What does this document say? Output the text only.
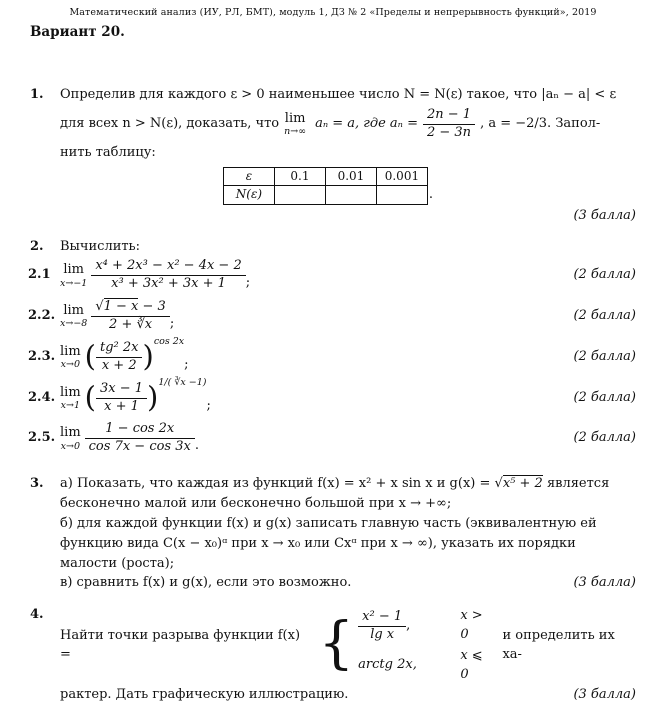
Математический анализ (ИУ, РЛ, БМТ), модуль 1, ДЗ № 2 «Пределы и непрерывность функций», 2019
Вариант 20.
1.	Определив для каждого ε > 0 наименьшее число N = N(ε) такое, что |aₙ − a| < ε
для всех n > N(ε), доказать, что lim
n→∞
aₙ = a, где $a_n = \frac{2n - 1}{2 - 3n}$ , a = −2/3. Запол-
нить таблицу:
ε	0.1	0.01	0.001
N(ε)				.
(3 балла)
2.	Вычислить:
2.1 lim
$x\to-1 \frac{\text{x⁴ + 2x³ − x² − 4x − 2}}{\text{x³ + 3x² + 3x + 1}}$ ;
(2 балла)
2.2. lim
$x\to-8 \frac{√1 - x - 3}{2 + ∛x}$ ;
(2 балла)
2.3. lim
x→0 ( $\frac{\text{tg² 2x}}{x + 2}$ ) cos 2x
;
(2 балла)
2.4. lim
x→1 ( $\frac{3x - 1}{x + 1}$ ) 1/( ∛x −1)
;
(2 балла)
2.5. lim
$x\to 0 \frac{1 - \cos 2x}{\cos 7x - \cos 3x}$ .
(2 балла)
3.	а) Показать, что каждая из функций f(x) = x² + x sin x и g(x) = √x⁵ + 2 является
бесконечно малой или бесконечно большой при x → +∞;
б) для каждой функции f(x) и g(x) записать главную часть (эквивалентную ей
функцию вида C(x − x₀)ᵅ при x → x₀ или Cxᵅ при x → ∞), указать их порядки
малости (роста);
в) сравнить f(x) и g(x), если это возможно.	(3 балла)
4.
Найти точки разрыва функции f(x) =	{ $\frac{\text{x² − 1}}{\text{lg x}}$ ,
x > 0
arctg 2x,
x ⩽ 0
и определить их ха-
рактер. Дать графическую иллюстрацию.	(3 балла)
